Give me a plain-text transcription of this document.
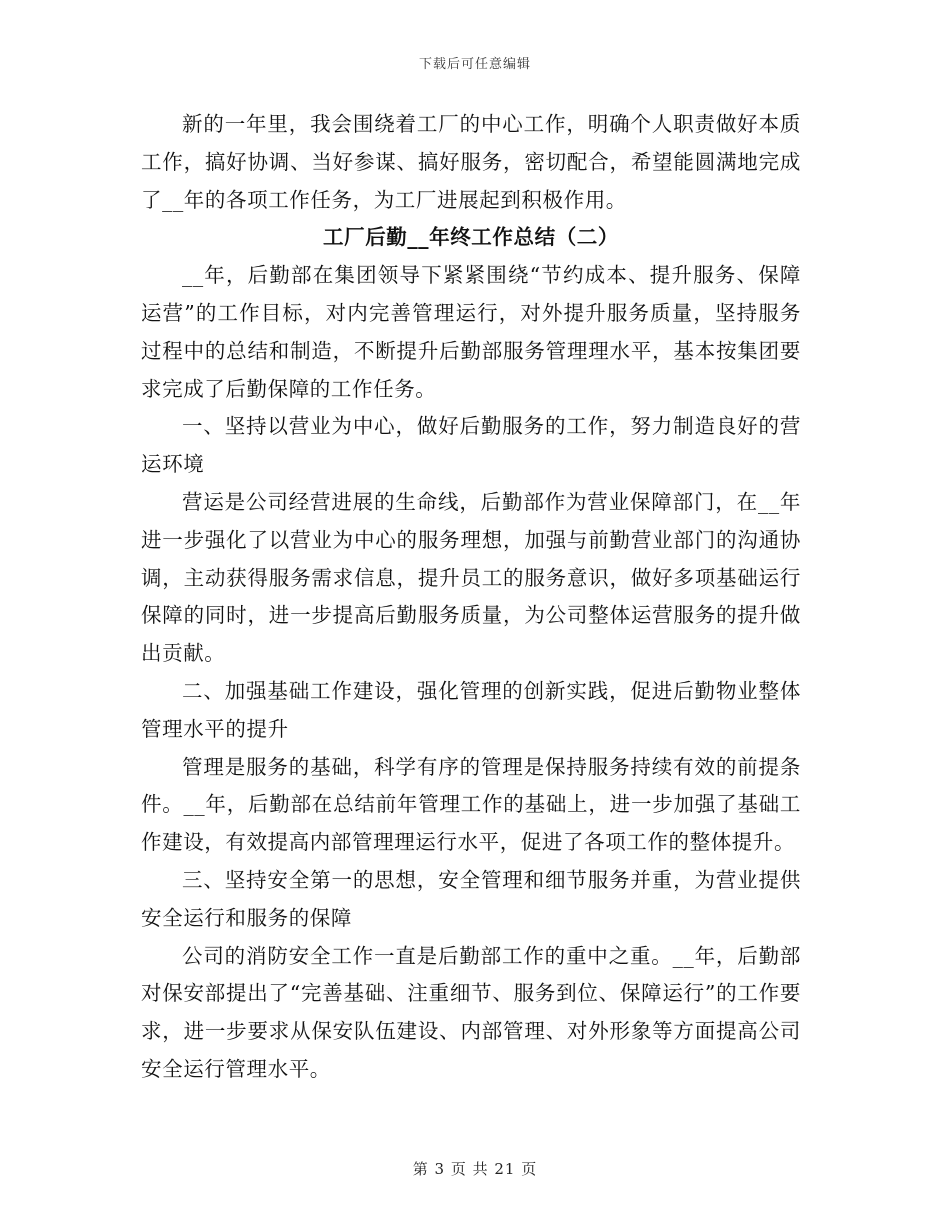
下载后可任意编辑

新的一年里，我会围绕着工厂的中心工作，明确个人职责做好本质工作，搞好协调、当好参谋、搞好服务，密切配合，希望能圆满地完成了__年的各项工作任务，为工厂进展起到积极作用。

工厂后勤__年终工作总结（二）

__年，后勤部在集团领导下紧紧围绕“节约成本、提升服务、保障运营”的工作目标，对内完善管理运行，对外提升服务质量，坚持服务过程中的总结和制造，不断提升后勤部服务管理理水平，基本按集团要求完成了后勤保障的工作任务。

一、坚持以营业为中心，做好后勤服务的工作，努力制造良好的营运环境

营运是公司经营进展的生命线，后勤部作为营业保障部门，在__年进一步强化了以营业为中心的服务理想，加强与前勤营业部门的沟通协调，主动获得服务需求信息，提升员工的服务意识，做好多项基础运行保障的同时，进一步提高后勤服务质量，为公司整体运营服务的提升做出贡献。

二、加强基础工作建设，强化管理的创新实践，促进后勤物业整体管理水平的提升

管理是服务的基础，科学有序的管理是保持服务持续有效的前提条件。__年，后勤部在总结前年管理工作的基础上，进一步加强了基础工作建设，有效提高内部管理理运行水平，促进了各项工作的整体提升。

三、坚持安全第一的思想，安全管理和细节服务并重，为营业提供安全运行和服务的保障

公司的消防安全工作一直是后勤部工作的重中之重。__年，后勤部对保安部提出了“完善基础、注重细节、服务到位、保障运行”的工作要求，进一步要求从保安队伍建设、内部管理、对外形象等方面提高公司安全运行管理水平。

第 3 页 共 21 页
